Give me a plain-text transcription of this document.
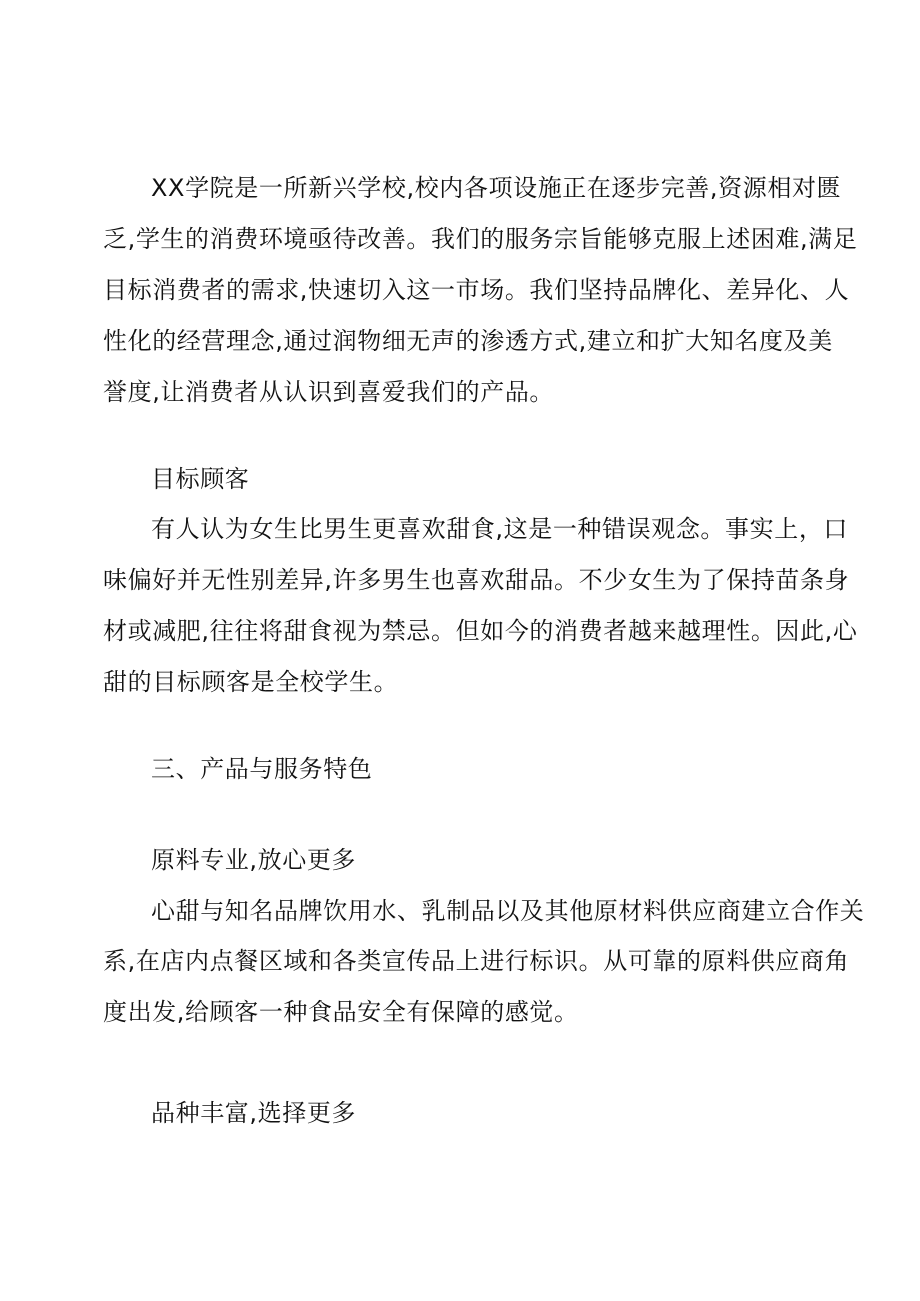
XX学院是一所新兴学校,校内各项设施正在逐步完善,资源相对匮
乏,学生的消费环境亟待改善。我们的服务宗旨能够克服上述困难,满足
目标消费者的需求,快速切入这一市场。我们坚持品牌化、差异化、人
性化的经营理念,通过润物细无声的渗透方式,建立和扩大知名度及美
誉度,让消费者从认识到喜爱我们的产品。
目标顾客
有人认为女生比男生更喜欢甜食,这是一种错误观念。事实上，口
味偏好并无性别差异,许多男生也喜欢甜品。不少女生为了保持苗条身
材或减肥,往往将甜食视为禁忌。但如今的消费者越来越理性。因此,心
甜的目标顾客是全校学生。
三、产品与服务特色
原料专业,放心更多
心甜与知名品牌饮用水、乳制品以及其他原材料供应商建立合作关
系,在店内点餐区域和各类宣传品上进行标识。从可靠的原料供应商角
度出发,给顾客一种食品安全有保障的感觉。
品种丰富,选择更多
